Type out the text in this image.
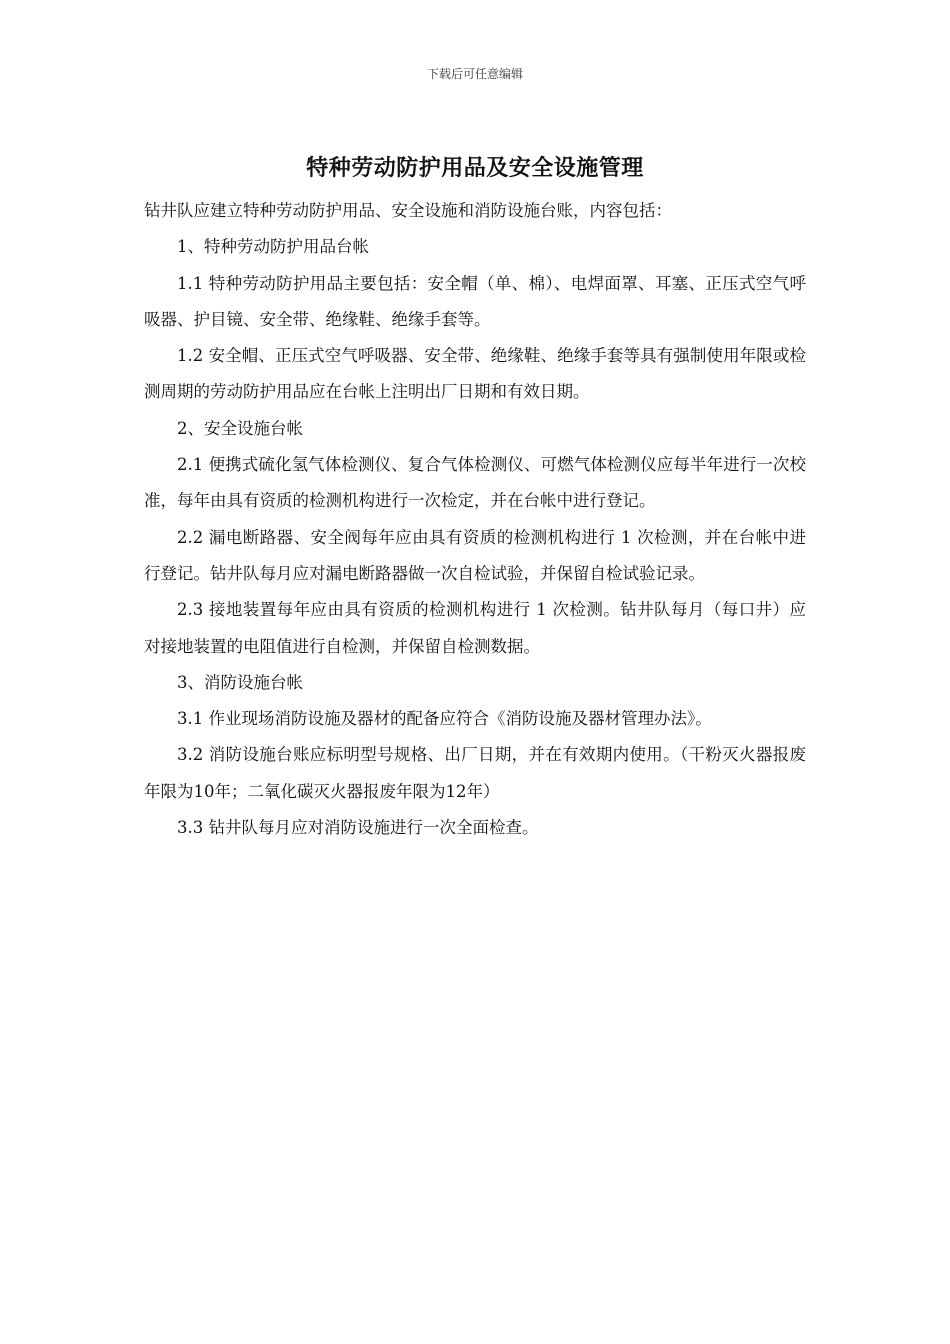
下载后可任意编辑
特种劳动防护用品及安全设施管理

钻井队应建立特种劳动防护用品、安全设施和消防设施台账，内容包括：

1、特种劳动防护用品台帐

1.1 特种劳动防护用品主要包括：安全帽（单、棉）、电焊面罩、耳塞、正压式空气呼吸器、护目镜、安全带、绝缘鞋、绝缘手套等。

1.2 安全帽、正压式空气呼吸器、安全带、绝缘鞋、绝缘手套等具有强制使用年限或检测周期的劳动防护用品应在台帐上注明出厂日期和有效日期。

2、安全设施台帐

2.1 便携式硫化氢气体检测仪、复合气体检测仪、可燃气体检测仪应每半年进行一次校准，每年由具有资质的检测机构进行一次检定，并在台帐中进行登记。

2.2 漏电断路器、安全阀每年应由具有资质的检测机构进行 1 次检测，并在台帐中进行登记。钻井队每月应对漏电断路器做一次自检试验，并保留自检试验记录。

2.3 接地装置每年应由具有资质的检测机构进行 1 次检测。钻井队每月（每口井）应对接地装置的电阻值进行自检测，并保留自检测数据。

3、消防设施台帐

3.1 作业现场消防设施及器材的配备应符合《消防设施及器材管理办法》。

3.2 消防设施台账应标明型号规格、出厂日期，并在有效期内使用。（干粉灭火器报废年限为10年；二氧化碳灭火器报废年限为12年）

3.3 钻井队每月应对消防设施进行一次全面检查。
